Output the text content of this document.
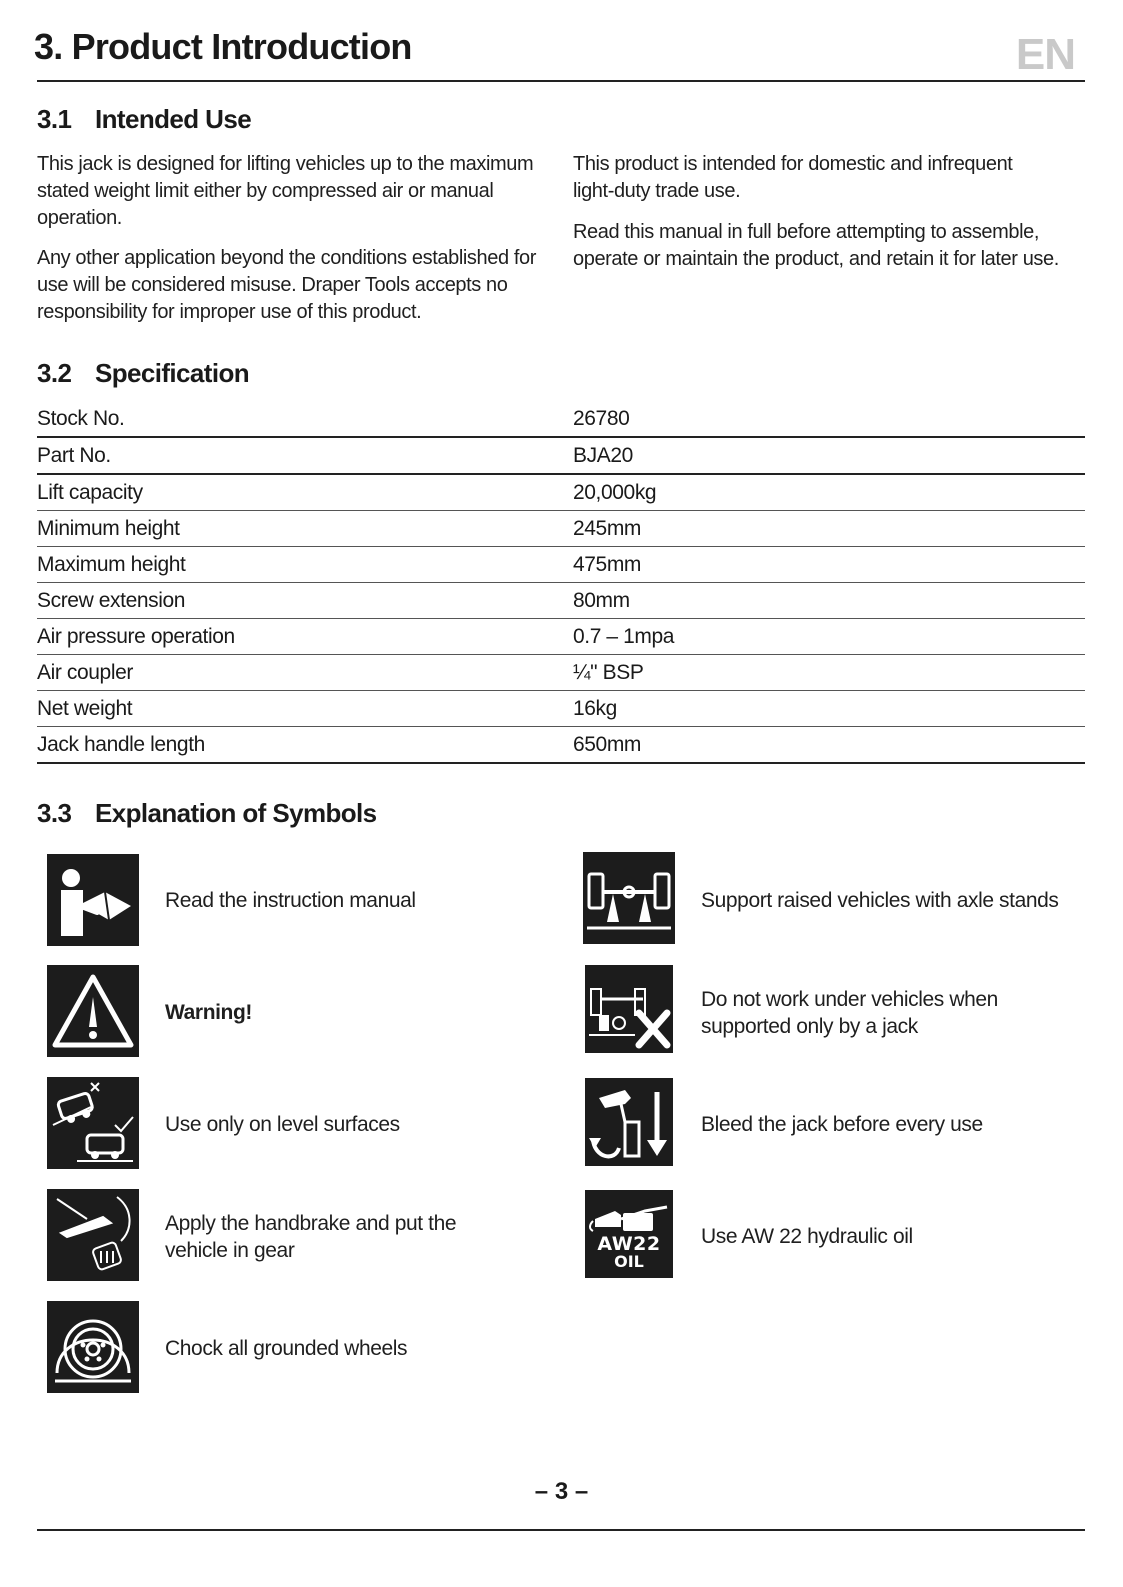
3. Product Introduction	EN
3.1 Intended Use

This jack is designed for lifting vehicles up to the maximum stated weight limit either by compressed air or manual operation.

Any other application beyond the conditions established for use will be considered misuse. Draper Tools accepts no responsibility for improper use of this product.

This product is intended for domestic and infrequent light-duty trade use.

Read this manual in full before attempting to assemble, operate or maintain the product, and retain it for later use.

3.2 Specification
Stock No.	26780
Part No.	BJA20
Lift capacity	20,000kg
Minimum height	245mm
Maximum height	475mm
Screw extension	80mm
Air pressure operation	0.7 – 1mpa
Air coupler	¼" BSP
Net weight	16kg
Jack handle length	650mm
3.3 Explanation of Symbols
Read the instruction manual
Warning!
Use only on level surfaces
Apply the handbrake and put the vehicle in gear
Chock all grounded wheels
Support raised vehicles with axle stands
Do not work under vehicles when supported only by a jack
Bleed the jack before every use
AW22
OIL
Use AW 22 hydraulic oil
– 3 –
